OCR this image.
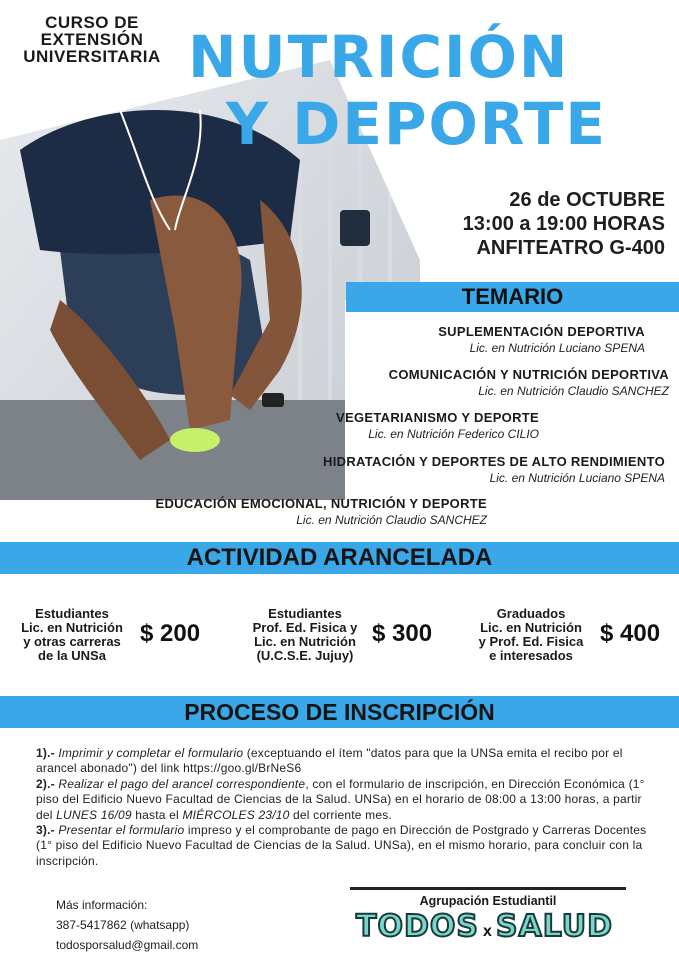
CURSO DE
EXTENSIÓN
UNIVERSITARIA NUTRICIÓN
Y DEPORTE
26 de OCTUBRE
13:00 a 19:00 HORAS
ANFITEATRO G-400
TEMARIO
SUPLEMENTACIÓN DEPORTIVA
Lic. en Nutrición Luciano SPENA
COMUNICACIÓN Y NUTRICIÓN DEPORTIVA
Lic. en Nutrición Claudio SANCHEZ
VEGETARIANISMO Y DEPORTE
Lic. en Nutrición Federico CILIO
HIDRATACIÓN Y DEPORTES DE ALTO RENDIMIENTO
Lic. en Nutrición Luciano SPENA
EDUCACIÓN EMOCIONAL, NUTRICIÓN Y DEPORTE
Lic. en Nutrición Claudio SANCHEZ
ACTIVIDAD ARANCELADA
Estudiantes
Lic. en Nutrición
y otras carreras
de la UNSa
$ 200
Estudiantes
Prof. Ed. Fisica y
Lic. en Nutrición
(U.C.S.E. Jujuy)
$ 300
Graduados
Lic. en Nutrición
y Prof. Ed. Fisica
e interesados
$ 400
PROCESO DE INSCRIPCIÓN

1).- Imprimir y completar el formulario (exceptuando el ítem "datos para que la UNSa emita el recibo por el arancel abonado") del link https://goo.gl/BrNeS6

2).- Realizar el pago del arancel correspondiente, con el formulario de inscripción, en Dirección Económica (1° piso del Edificio Nuevo Facultad de Ciencias de la Salud. UNSa) en el horario de 08:00 a 13:00 horas, a partir del LUNES 16/09 hasta el MIÉRCOLES 23/10 del corriente mes.

3).- Presentar el formulario impreso y el comprobante de pago en Dirección de Postgrado y Carreras Docentes (1° piso del Edificio Nuevo Facultad de Ciencias de la Salud. UNSa), en el mismo horario, para concluir con la inscripción.

Más información:
387-5417862 (whatsapp)
todosporsalud@gmail.com
Agrupación Estudiantil
TODOS x SALUD
